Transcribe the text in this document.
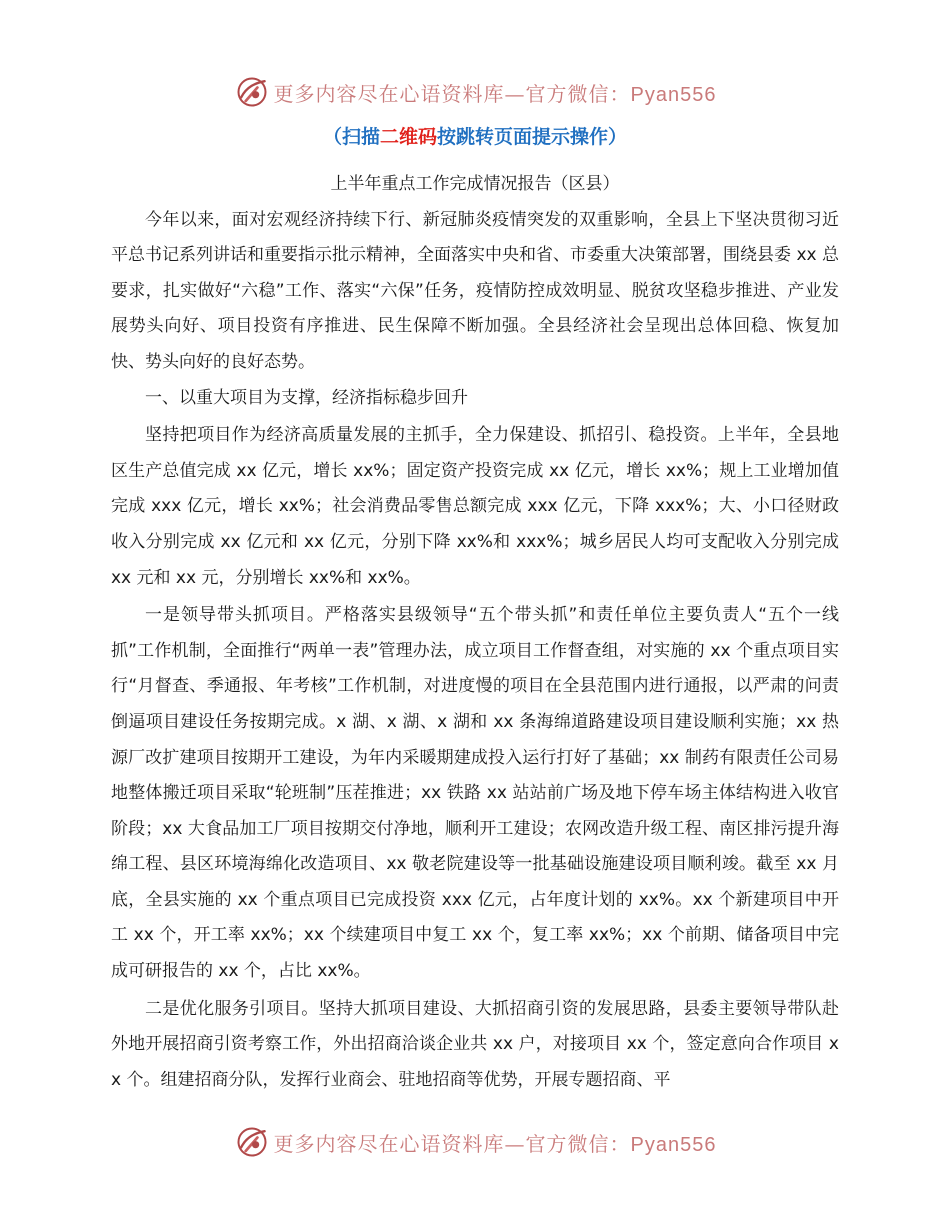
更多内容尽在心语资料库—官方微信：Pyan556
（扫描二维码按跳转页面提示操作）
上半年重点工作完成情况报告（区县）

今年以来，面对宏观经济持续下行、新冠肺炎疫情突发的双重影响，全县上下坚决贯彻习近平总书记系列讲话和重要指示批示精神，全面落实中央和省、市委重大决策部署，围绕县委 xx 总要求，扎实做好“六稳”工作、落实“六保”任务，疫情防控成效明显、脱贫攻坚稳步推进、产业发展势头向好、项目投资有序推进、民生保障不断加强。全县经济社会呈现出总体回稳、恢复加快、势头向好的良好态势。

一、以重大项目为支撑，经济指标稳步回升

坚持把项目作为经济高质量发展的主抓手，全力保建设、抓招引、稳投资。上半年，全县地区生产总值完成 xx 亿元，增长 xx%；固定资产投资完成 xx 亿元，增长 xx%；规上工业增加值完成 xxx 亿元，增长 xx%；社会消费品零售总额完成 xxx 亿元，下降 xxx%；大、小口径财政收入分别完成 xx 亿元和 xx 亿元，分别下降 xx%和 xxx%；城乡居民人均可支配收入分别完成 xx 元和 xx 元，分别增长 xx%和 xx%。

一是领导带头抓项目。严格落实县级领导“五个带头抓”和责任单位主要负责人“五个一线抓”工作机制，全面推行“两单一表”管理办法，成立项目工作督查组，对实施的 xx 个重点项目实行“月督查、季通报、年考核”工作机制，对进度慢的项目在全县范围内进行通报，以严肃的问责倒逼项目建设任务按期完成。x 湖、x 湖、x 湖和 xx 条海绵道路建设项目建设顺利实施；xx 热源厂改扩建项目按期开工建设，为年内采暖期建成投入运行打好了基础；xx 制药有限责任公司易地整体搬迁项目采取“轮班制”压茬推进；xx 铁路 xx 站站前广场及地下停车场主体结构进入收官阶段；xx 大食品加工厂项目按期交付净地，顺利开工建设；农网改造升级工程、南区排污提升海绵工程、县区环境海绵化改造项目、xx 敬老院建设等一批基础设施建设项目顺利竣。截至 xx 月底，全县实施的 xx 个重点项目已完成投资 xxx 亿元，占年度计划的 xx%。xx 个新建项目中开工 xx 个，开工率 xx%；xx 个续建项目中复工 xx 个，复工率 xx%；xx 个前期、储备项目中完成可研报告的 xx 个，占比 xx%。

二是优化服务引项目。坚持大抓项目建设、大抓招商引资的发展思路，县委主要领导带队赴外地开展招商引资考察工作，外出招商洽谈企业共 xx 户，对接项目 xx 个，签定意向合作项目 xx 个。组建招商分队，发挥行业商会、驻地招商等优势，开展专题招商、平

更多内容尽在心语资料库—官方微信：Pyan556
